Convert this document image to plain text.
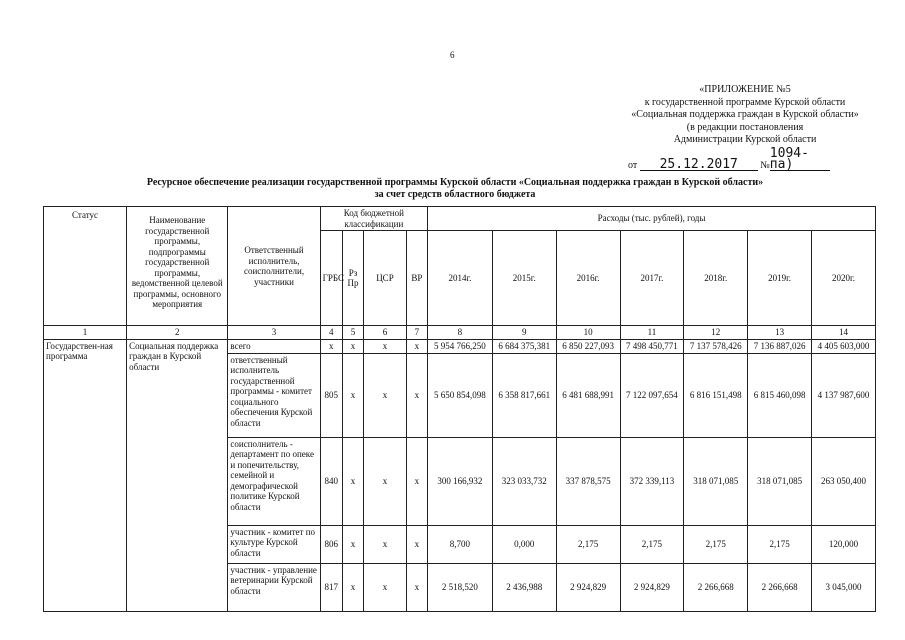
6
«ПРИЛОЖЕНИЕ №5
к государственной программе Курской области
«Социальная поддержка граждан в Курской области»
(в редакции постановления
Администрации Курской области
от 25.12.2017 №1094-па)
Ресурсное обеспечение реализации государственной программы Курской области «Социальная поддержка граждан в Курской области»
за счет средств областного бюджета
Статус	Наименование государственной программы, подпрограммы государственной программы, ведомственной целевой программы, основного мероприятия	Ответственный исполнитель, соисполнители, участники	Код бюджетной классификации				Расходы (тыс. рублей), годы						
			ГРБС	Рз Пр	ЦСР	ВР	2014г.	2015г.	2016г.	2017г.	2018г.	2019г.	2020г.
1	2	3	4	5	6	7	8	9	10	11	12	13	14
Государствен-ная программа	Социальная поддержка граждан в Курской области	всего	x	x	x	x	5 954 766,250	6 684 375,381	6 850 227,093	7 498 450,771	7 137 578,426	7 136 887,026	4 405 603,000
		ответственный исполнитель государственной программы - комитет социального обеспечения Курской области	805	x	x	x	5 650 854,098	6 358 817,661	6 481 688,991	7 122 097,654	6 816 151,498	6 815 460,098	4 137 987,600
		соисполнитель - департамент по опеке и попечительству, семейной и демографической политике Курской области	840	x	x	x	300 166,932	323 033,732	337 878,575	372 339,113	318 071,085	318 071,085	263 050,400
		участник - комитет по культуре Курской области	806	x	x	x	8,700	0,000	2,175	2,175	2,175	2,175	120,000
		участник - управление ветеринарии Курской области	817	x	x	x	2 518,520	2 436,988	2 924,829	2 924,829	2 266,668	2 266,668	3 045,000
